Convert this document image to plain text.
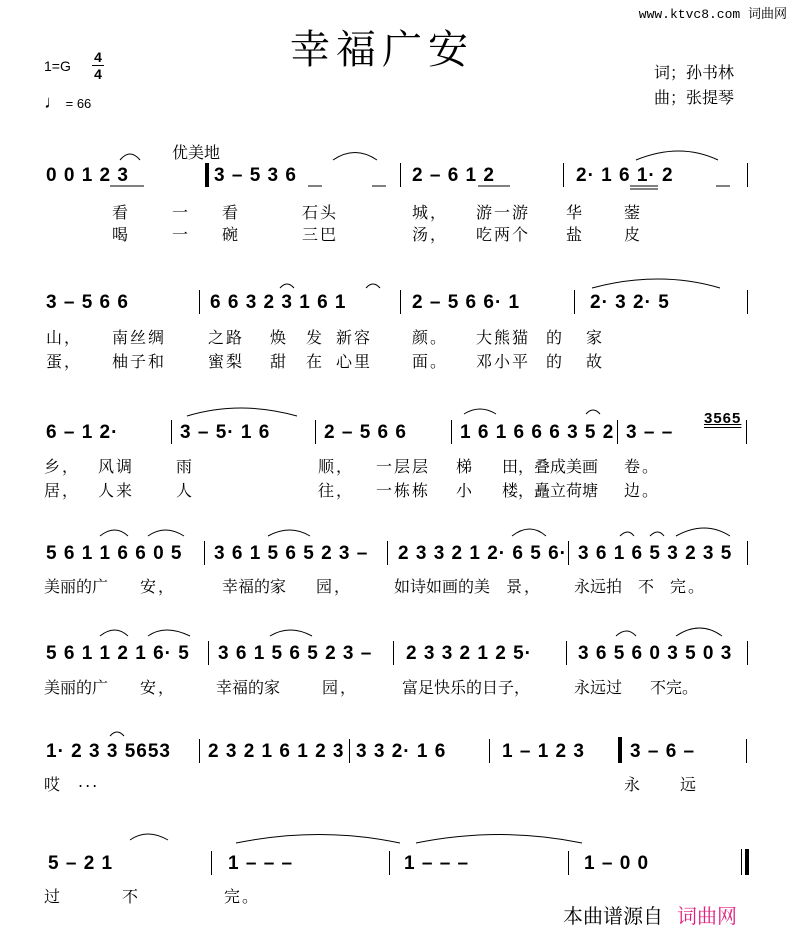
幸福广安
www.ktvc8.com 词曲网
1=G
4
4
♩ = 66
词；孙书林
曲；张提琴
优美地
0 0 1 2 3	3 – 5 3 6	2 – 6 1 2	2· 1 6 1· 2
看	一 看	石头	城， 游一游 华 蓥
喝	一 碗	三巴	汤， 吃两个 盐 皮
3 – 5 6 6	6 6 3 2 3 1 6 1	2 – 5 6 6· 1	2· 3 2· 5
山， 南丝绸	之路 焕 发 新容 颜。 大熊猫 的 家
蛋， 柚子和	蜜梨 甜 在 心里 面。 邓小平 的 故
6 – 1 2·	3 – 5· 1 6	2 – 5 6 6	1 6 1 6 6 6 3 5 2 3 – –
3565
乡， 风调	雨	顺， 一层层 梯 田，叠成美画 卷。
居， 人来	人	往， 一栋栋 小 楼，矗立荷塘 边。
5 6 1 1 6 6 0 5 3 6 1 5 6 5 2 3 – 2 3 3 2 1 2· 6 5 6· 3 6 1 6 5 3 2 3 5
美丽的广 安，	幸福的家 园，	如诗如画的美 景， 永远拍 不 完。
5 6 1 1 2 1 6· 5 3 6 1 5 6 5 2 3 – 2 3 3 2 1 2 5· 3 6 5 6 0 3 5 0 3
美丽的广 安， 幸福的家	园，	富足快乐的日子，	永远过 不完。
1· 2 3 3 5653 2 3 2 1 6 1 2 3 3 3 2· 1 6	1 – 1 2 3 3 – 6 –
哎 ...	永 远
5 – 2 1	1 – – –	1 – – –	1 – 0 0
过	不	完。
本曲谱源自 词曲网
